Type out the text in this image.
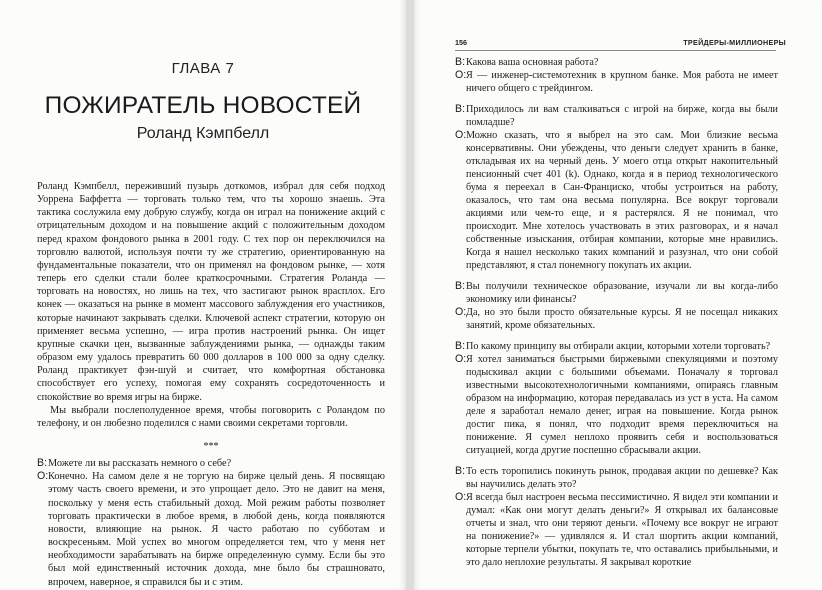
ГЛАВА 7
ПОЖИРАТЕЛЬ НОВОСТЕЙ
Роланд Кэмпбелл

Роланд Кэмпбелл, переживший пузырь доткомов, избрал для себя подход Уоррена Баффетта — торговать только тем, что ты хорошо знаешь. Эта тактика сослужила ему добрую службу, когда он играл на понижение акций с отрицательным доходом и на повышение акций с положительным доходом перед крахом фондового рынка в 2001 году. С тех пор он переключился на торговлю валютой, используя почти ту же стратегию, ориентированную на фундаментальные показатели, что он применял на фондовом рынке, — хотя теперь его сделки стали более краткосрочными. Стратегия Роланда — торговать на новостях, но лишь на тех, что застигают рынок врасплох. Его конек — оказаться на рынке в момент массового заблуждения его участников, которые начинают закрывать сделки. Ключевой аспект стратегии, которую он применяет весьма успешно, — игра против настроений рынка. Он ищет крупные скачки цен, вызванные заблуждениями рынка, — однажды таким образом ему удалось превратить 60 000 долларов в 100 000 за одну сделку. Роланд практикует фэн-шуй и считает, что комфортная обстановка способствует его успеху, помогая ему сохранять сосредоточенность и спокойствие во время игры на бирже.

Мы выбрали послеполуденное время, чтобы поговорить с Роландом по телефону, и он любезно поделился с нами своими секретами торговли.

***
В: Можете ли вы рассказать немного о себе?
О: Конечно. На самом деле я не торгую на бирже целый день. Я посвящаю этому часть своего времени, и это упрощает дело. Это не давит на меня, поскольку у меня есть стабильный доход. Мой режим работы позволяет торговать практически в любое время, в любой день, когда появляются новости, влияющие на рынок. Я часто работаю по субботам и воскресеньям. Мой успех во многом определяется тем, что у меня нет необходимости зарабатывать на бирже определенную сумму. Если бы это был мой единственный источник дохода, мне было бы страшновато, впрочем, наверное, я справился бы и с этим.
156	ТРЕЙДЕРЫ-МИЛЛИОНЕРЫ
В: Какова ваша основная работа?
О: Я — инженер-системотехник в крупном банке. Моя работа не имеет ничего общего с трейдингом.
В: Приходилось ли вам сталкиваться с игрой на бирже, когда вы были помладше?
О: Можно сказать, что я выбрел на это сам. Мои близкие весьма консервативны. Они убеждены, что деньги следует хранить в банке, откладывая их на черный день. У моего отца открыт накопительный пенсионный счет 401 (k). Однако, когда я в период технологического бума я переехал в Сан-Франциско, чтобы устроиться на работу, оказалось, что там она весьма популярна. Все вокруг торговали акциями или чем-то еще, и я растерялся. Я не понимал, что происходит. Мне хотелось участвовать в этих разговорах, и я начал собственные изыскания, отбирая компании, которые мне нравились. Когда я нашел несколько таких компаний и разузнал, что они собой представляют, я стал понемногу покупать их акции.
В: Вы получили техническое образование, изучали ли вы когда-либо экономику или финансы?
О: Да, но это были просто обязательные курсы. Я не посещал никаких занятий, кроме обязательных.
В: По какому принципу вы отбирали акции, которыми хотели торговать?
О: Я хотел заниматься быстрыми биржевыми спекуляциями и поэтому подыскивал акции с большими объемами. Поначалу я торговал известными высокотехнологичными компаниями, опираясь главным образом на информацию, которая передавалась из уст в уста. На самом деле я заработал немало денег, играя на повышение. Когда рынок достиг пика, я понял, что подходит время переключиться на понижение. Я сумел неплохо проявить себя и воспользоваться ситуацией, когда другие поспешно сбрасывали акции.
В: То есть торопились покинуть рынок, продавая акции по дешевке? Как вы научились делать это?
О: Я всегда был настроен весьма пессимистично. Я видел эти компании и думал: «Как они могут делать деньги?» Я открывал их балансовые отчеты и знал, что они теряют деньги. «Почему все вокруг не играют на понижение?» — удивлялся я. И стал шортить акции компаний, которые терпели убытки, покупать те, что оставались прибыльными, и это дало неплохие результаты. Я закрывал короткие
